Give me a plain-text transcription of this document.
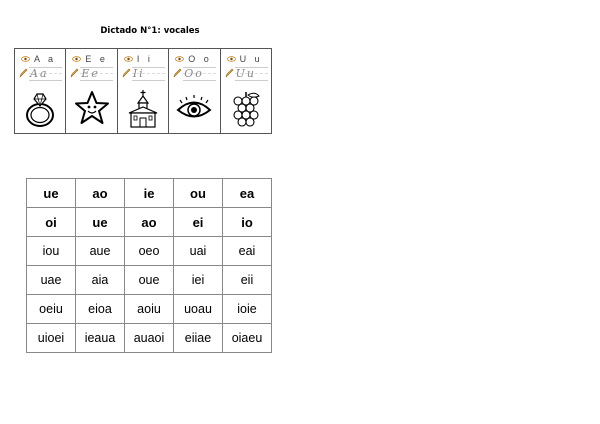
Dictado N°1: vocales
A a
Aa
E e
Ee
I i
Ii
O o
Oo
U u
Uu
ue	ao	ie	ou	ea
oi	ue	ao	ei	io
iou	aue	oeo	uai	eai
uae	aia	oue	iei	eii
oeiu	eioa	aoiu	uoau	ioie
uioei	ieaua	auaoi	eiiae	oiaeu
